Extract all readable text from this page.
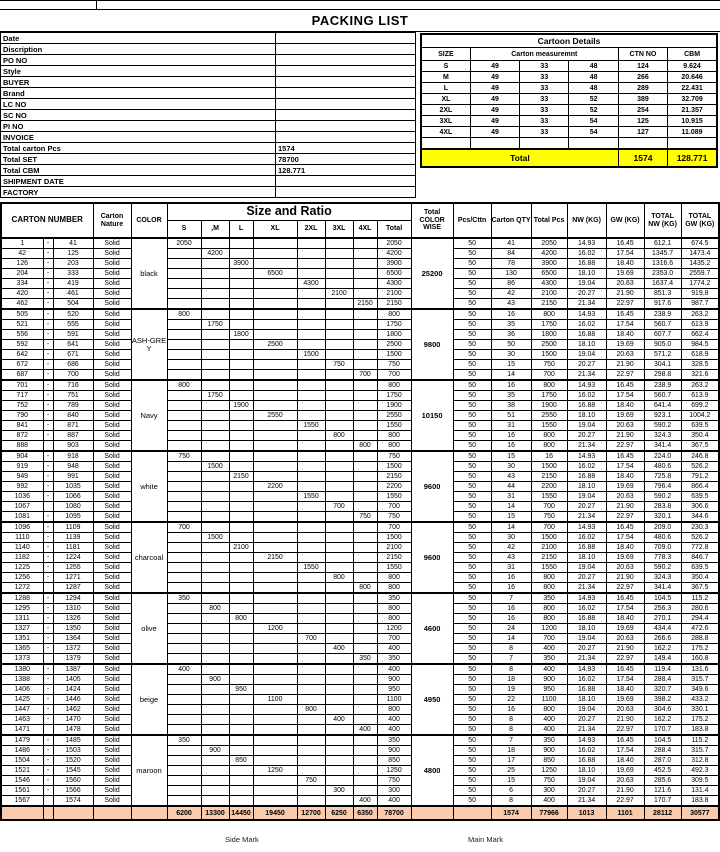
PACKING LIST
Date	
Discription	
PO NO	
Style	
BUYER	
Brand	
LC NO	
SC NO	
PI NO	
INVOICE	
Total carton Pcs	1574
Total SET	78700
Total CBM	128.771
SHIPMENT DATE	
FACTORY	
Cartoon Details					
SIZE	Carton measuremnt			CTN NO	CBM
S	49	33	48	124	9.624
M	49	33	48	266	20.646
L	49	33	48	289	22.431
XL	49	33	52	389	32.709
2XL	49	33	52	254	21.357
3XL	49	33	54	125	10.915
4XL	49	33	54	127	11.089

Total				1574	128.771
CARTON NUMBER			Carton Nature	COLOR	Size and Ratio								Total COLOR WISE	Pcs/Cttn	Carton QTY	Total Pcs	NW (KG)	GW (KG)	TOTAL NW (KG)	TOTAL GW (KG)
					S	,M	L	XL	2XL	3XL	4XL	Total								
1	-	41	Solid	black	2050							2050	25200	50	41	2050	14.93	16.45	612.1	674.5
42	-	125	Solid			4200						4200		50	84	4200	16.02	17.54	1345.7	1473.4
126	-	203	Solid				3900					3900		50	78	3900	16.88	18.40	1316.6	1435.2
204	-	333	Solid					6500				6500		50	130	6500	18.10	19.69	2353.0	2559.7
334	-	419	Solid						4300			4300		50	86	4300	19.04	20.63	1637.4	1774.2
420	-	461	Solid							2100		2100		50	42	2100	20.27	21.90	851.3	919.8
462	-	504	Solid								2150	2150		50	43	2150	21.34	22.97	917.6	987.7
505	-	520	Solid	ASH-GREY	800							800	9800	50	16	800	14.93	16.45	238.9	263.2
521	-	555	Solid			1750						1750		50	35	1750	16.02	17.54	560.7	613.9
556	-	591	Solid				1800					1800		50	36	1800	16.88	18.40	607.7	662.4
592	-	641	Solid					2500				2500		50	50	2500	18.10	19.69	905.0	984.5
642	-	671	Solid						1500			1500		50	30	1500	19.04	20.63	571.2	618.9
672	-	686	Solid							750		750		50	15	750	20.27	21.90	304.1	328.5
687	-	700	Solid								700	700		50	14	700	21.34	22.97	298.8	321.6
701	-	716	Solid	Navy	800							800	10150	50	16	800	14.93	16.45	238.9	263.2
717	-	751	Solid			1750						1750		50	35	1750	16.02	17.54	560.7	613.9
752	-	789	Solid				1900					1900		50	38	1900	16.88	18.40	641.4	699.2
790	-	840	Solid					2550				2550		50	51	2550	18.10	19.69	923.1	1004.2
841	-	871	Solid						1550			1550		50	31	1550	19.04	20.63	590.2	639.5
872	-	887	Solid							800		800		50	16	800	20.27	21.90	324.3	350.4
888		903	Solid								800	800		50	16	800	21.34	22.97	341.4	367.5
904	-	918	Solid	white	750							750	9600	50	15	16	14.93	16.45	224.0	246.8
919	-	948	Solid			1500						1500		50	30	1500	16.02	17.54	480.6	526.2
949	-	991	Solid				2150					2150		50	43	2150	16.88	18.40	725.8	791.2
992	-	1035	Solid					2200				2200		50	44	2200	18.10	19.69	796.4	866.4
1036	-	1066	Solid						1550			1550		50	31	1550	19.04	20.63	590.2	639.5
1067		1080	Solid							700		700		50	14	700	20.27	21.90	283.8	306.6
1081	-	1095	Solid								750	750		50	15	750	21.34	22.97	320.1	344.6
1096	-	1109	Solid	charcoal	700							700	9600	50	14	700	14.93	16.45	209.0	230.3
1110	-	1139	Solid			1500						1500		50	30	1500	16.02	17.54	480.6	526.2
1140	-	1181	Solid				2100					2100		50	42	2100	16.88	18.40	709.0	772.8
1182	-	1224	Solid					2150				2150		50	43	2150	18.10	19.69	778.3	846.7
1225	-	1255	Solid						1550			1550		50	31	1550	19.04	20.63	590.2	639.5
1256	-	1271	Solid							800		800		50	16	800	20.27	21.90	324.3	350.4
1272		1287	Solid								800	800		50	16	800	21.34	22.97	341.4	367.5
1288	-	1294	Solid	olive	350							350	4600	50	7	350	14.93	16.45	104.5	115.2
1295	-	1310	Solid			800						800		50	16	800	16.02	17.54	256.3	280.6
1311	-	1326	Solid				800					800		50	16	800	16.88	18.40	270.1	294.4
1327	-	1350	Solid					1200				1200		50	24	1200	18.10	19.69	434.4	472.6
1351	-	1364	Solid						700			700		50	14	700	19.04	20.63	266.6	288.8
1365	-	1372	Solid							400		400		50	8	400	20.27	21.90	162.2	175.2
1373		1379	Solid								350	350		50	7	350	21.34	22.97	149.4	160.8
1380	-	1387	Solid	beige	400							400	4950	50	8	400	14.93	16.45	119.4	131.6
1388	-	1405	Solid			900						900		50	18	900	16.02	17.54	288.4	315.7
1406	-	1424	Solid				950					950		50	19	950	16.88	18.40	320.7	349.6
1425	-	1446	Solid					1100				1100		50	22	1100	18.10	19.69	398.2	433.2
1447	-	1462	Solid						800			800		50	16	800	19.04	20.63	304.6	330.1
1463	-	1470	Solid							400		400		50	8	400	20.27	21.90	162.2	175.2
1471		1478	Solid								400	400		50	8	400	21.34	22.97	170.7	183.8
1479	-	1485	Solid	maroon	350							350	4800	50	7	350	14.93	16.45	104.5	115.2
1486	-	1503	Solid			900						900		50	18	900	16.02	17.54	288.4	315.7
1504	-	1520	Solid				850					850		50	17	850	16.88	18.40	287.0	312.8
1521	-	1545	Solid					1250				1250		50	25	1250	18.10	19.69	452.5	492.3
1546	-	1560	Solid						750			750		50	15	750	19.04	20.63	285.6	309.5
1561	-	1566	Solid							300		300		50	6	300	20.27	21.90	121.6	131.4
1567		1574	Solid								400	400		50	8	400	21.34	22.97	170.7	183.8
					6200	13300	14450	19450	12700	6250	6350	78700			1574	77966	1013	1101	28112	30577
Side Mark	Main Mark
